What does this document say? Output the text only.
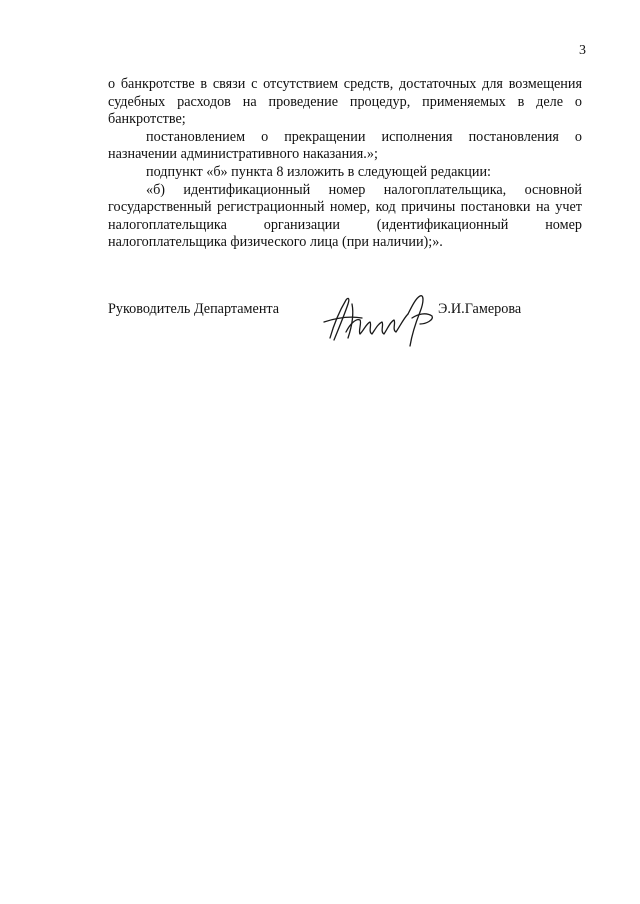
3

о банкротстве в связи с отсутствием средств, достаточных для возмещения судебных расходов на проведение процедур, применяемых в деле о банкротстве;

постановлением о прекращении исполнения постановления о назначении административного наказания.»;

подпункт «б» пункта 8 изложить в следующей редакции:

«б) идентификационный номер налогоплательщика, основной государственный регистрационный номер, код причины постановки на учет налогоплательщика организации (идентификационный номер налогоплательщика физического лица (при наличии);».

Руководитель Департамента	Э.И.Гамерова
